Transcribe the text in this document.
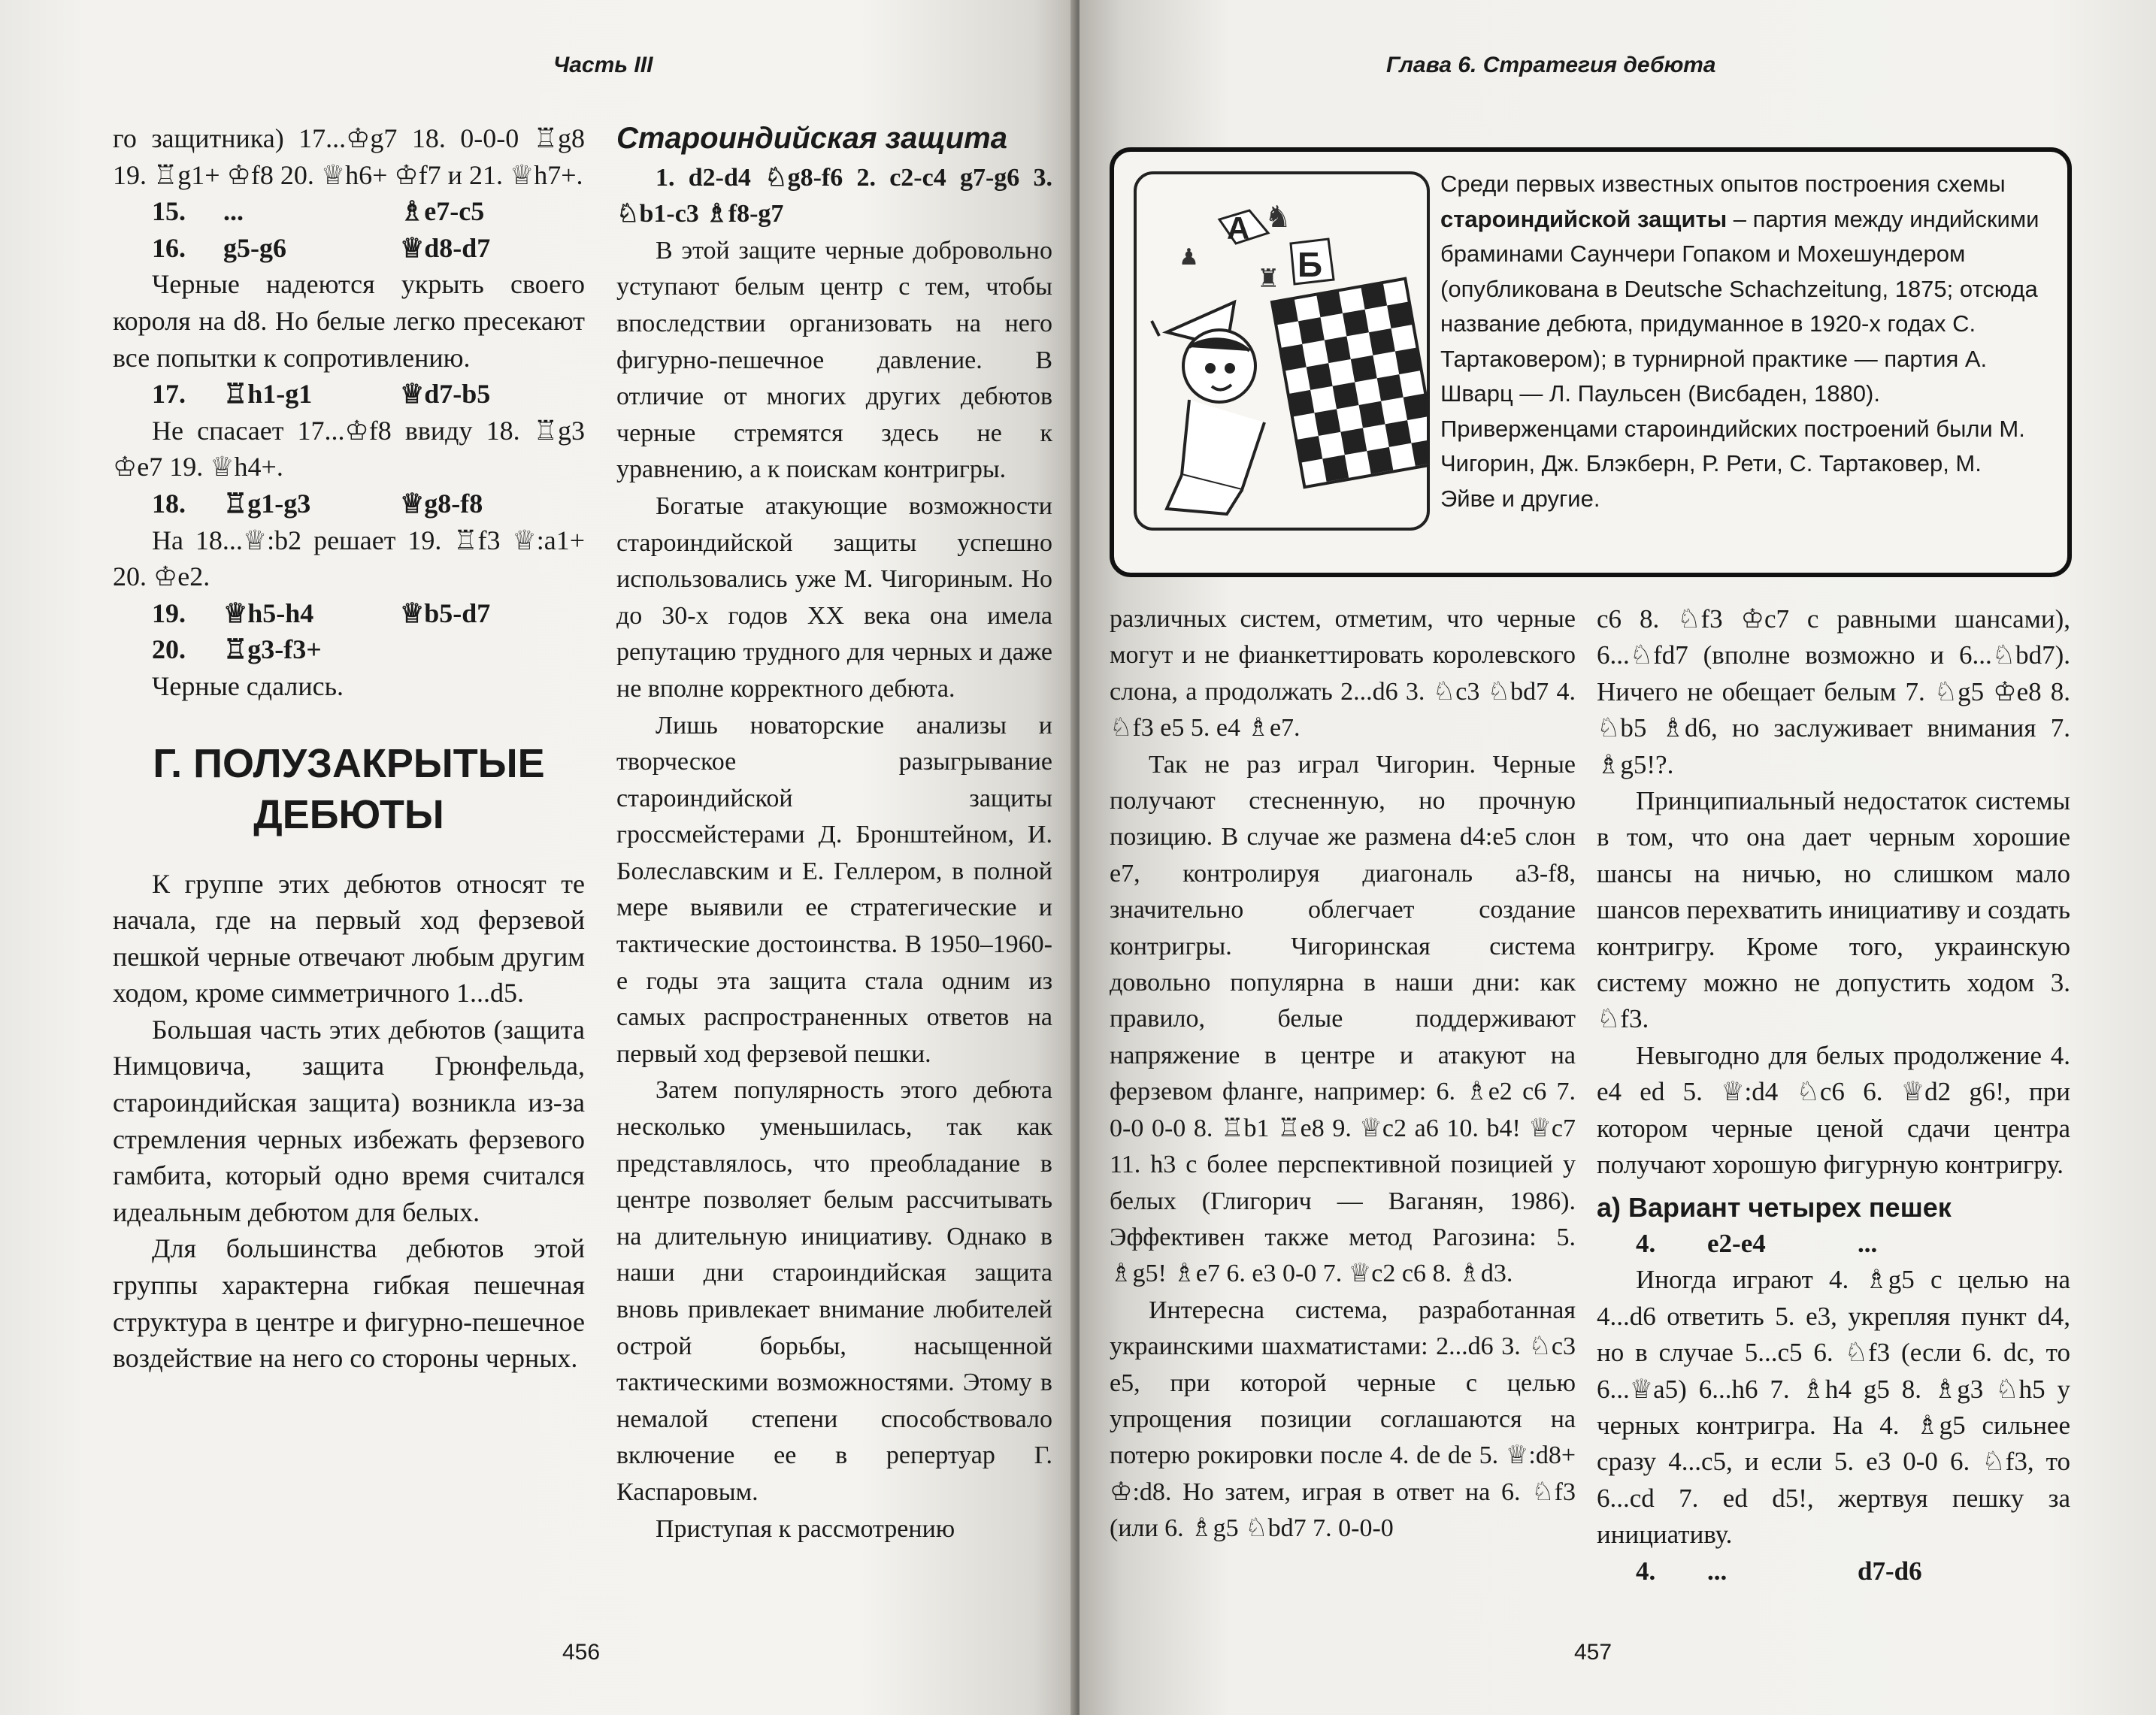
Часть III

го защитника) 17...♔g7 18. 0-0-0 ♖g8 19. ♖g1+ ♔f8 20. ♕h6+ ♔f7 и 21. ♕h7+.

15.	...	♗e7-c5
16.	g5-g6	♕d8-d7

Черные надеются укрыть своего короля на d8. Но белые легко пресекают все попытки к сопротивлению.

17.	♖h1-g1	♕d7-b5

Не спасает 17...♔f8 ввиду 18. ♖g3 ♔e7 19. ♕h4+.

18.	♖g1-g3	♕g8-f8

На 18...♕:b2 решает 19. ♖f3 ♕:a1+ 20. ♔e2.

19.	♕h5-h4	♕b5-d7
20.	♖g3-f3+

Черные сдались.

Г. ПОЛУЗАКРЫТЫЕ ДЕБЮТЫ

К группе этих дебютов относят те начала, где на первый ход ферзевой пешкой черные отвечают любым другим ходом, кроме симметричного 1...d5.

Большая часть этих дебютов (защита Нимцовича, защита Грюнфельда, староиндийская защита) возникла из-за стремления черных избежать ферзевого гамбита, который одно время считался идеальным дебютом для белых.

Для большинства дебютов этой группы характерна гибкая пешечная структура в центре и фигурно-пешечное воздействие на него со стороны черных.

Староиндийская защита

1. d2-d4 ♘g8-f6 2. c2-c4 g7-g6 3. ♘b1-c3 ♗f8-g7

В этой защите черные добровольно уступают белым центр с тем, чтобы впоследствии организовать на него фигурно-пешечное давление. В отличие от многих других дебютов черные стремятся здесь не к уравнению, а к поискам контригры.

Богатые атакующие возможности староиндийской защиты успешно использовались уже М. Чигориным. Но до 30-х годов XX века она имела репутацию трудного для черных и даже не вполне корректного дебюта.

Лишь новаторские анализы и творческое разыгрывание староиндийской защиты гроссмейстерами Д. Бронштейном, И. Болеславским и Е. Геллером, в полной мере выявили ее стратегические и тактические достоинства. В 1950–1960-е годы эта защита стала одним из самых распространенных ответов на первый ход ферзевой пешки.

Затем популярность этого дебюта несколько уменьшилась, так как представлялось, что преобладание в центре позволяет белым рассчитывать на длительную инициативу. Однако в наши дни староиндийская защита вновь привлекает внимание любителей острой борьбы, насыщенной тактическими возможностями. Этому в немалой степени способствовало включение ее в репертуар Г. Каспаровым.

Приступая к рассмотрению

456
Глава 6. Стратегия дебюта
457
А
Б
♞
♟
♜

Среди первых известных опытов построения схемы староиндийской защиты – партия между индийскими браминами Саунчери Гопаком и Мохешундером (опубликована в Deutsche Schachzeitung, 1875; отсюда название дебюта, придуманное в 1920-х годах С. Тартаковером); в турнирной практике — партия А. Шварц — Л. Паульсен (Висбаден, 1880). Приверженцами староиндийских построений были М. Чигорин, Дж. Блэкберн, Р. Рети, С. Тартаковер, М. Эйве и другие.

различных систем, отметим, что черные могут и не фианкеттировать королевского слона, а продолжать 2...d6 3. ♘c3 ♘bd7 4. ♘f3 e5 5. e4 ♗e7.

Так не раз играл Чигорин. Черные получают стесненную, но прочную позицию. В случае же размена d4:e5 слон e7, контролируя диагональ a3-f8, значительно облегчает создание контригры. Чигоринская система довольно популярна в наши дни: как правило, белые поддерживают напряжение в центре и атакуют на ферзевом фланге, например: 6. ♗e2 c6 7. 0-0 0-0 8. ♖b1 ♖e8 9. ♕c2 a6 10. b4! ♕c7 11. h3 с более перспективной позицией у белых (Глигорич — Ваганян, 1986). Эффективен также метод Рагозина: 5. ♗g5! ♗e7 6. e3 0-0 7. ♕c2 c6 8. ♗d3.

Интересна система, разработанная украинскими шахматистами: 2...d6 3. ♘c3 e5, при которой черные с целью упрощения позиции соглашаются на потерю рокировки после 4. de de 5. ♕:d8+ ♔:d8. Но затем, играя в ответ на 6. ♘f3 (или 6. ♗g5 ♘bd7 7. 0-0-0

c6 8. ♘f3 ♔c7 с равными шансами), 6...♘fd7 (вполне возможно и 6...♘bd7). Ничего не обещает белым 7. ♘g5 ♔e8 8. ♘b5 ♗d6, но заслуживает внимания 7. ♗g5!?.

Принципиальный недостаток системы в том, что она дает черным хорошие шансы на ничью, но слишком мало шансов перехватить инициативу и создать контригру. Кроме того, украинскую систему можно не допустить ходом 3. ♘f3.

Невыгодно для белых продолжение 4. e4 ed 5. ♕:d4 ♘c6 6. ♕d2 g6!, при котором черные ценой сдачи центра получают хорошую фигурную контригру.

а) Вариант четырех пешек
4.	e2-e4	...

Иногда играют 4. ♗g5 с целью на 4...d6 ответить 5. e3, укрепляя пункт d4, но в случае 5...c5 6. ♘f3 (если 6. dc, то 6...♕a5) 6...h6 7. ♗h4 g5 8. ♗g3 ♘h5 у черных контригра. На 4. ♗g5 сильнее сразу 4...c5, и если 5. e3 0-0 6. ♘f3, то 6...cd 7. ed d5!, жертвуя пешку за инициативу.

4.	...	d7-d6
